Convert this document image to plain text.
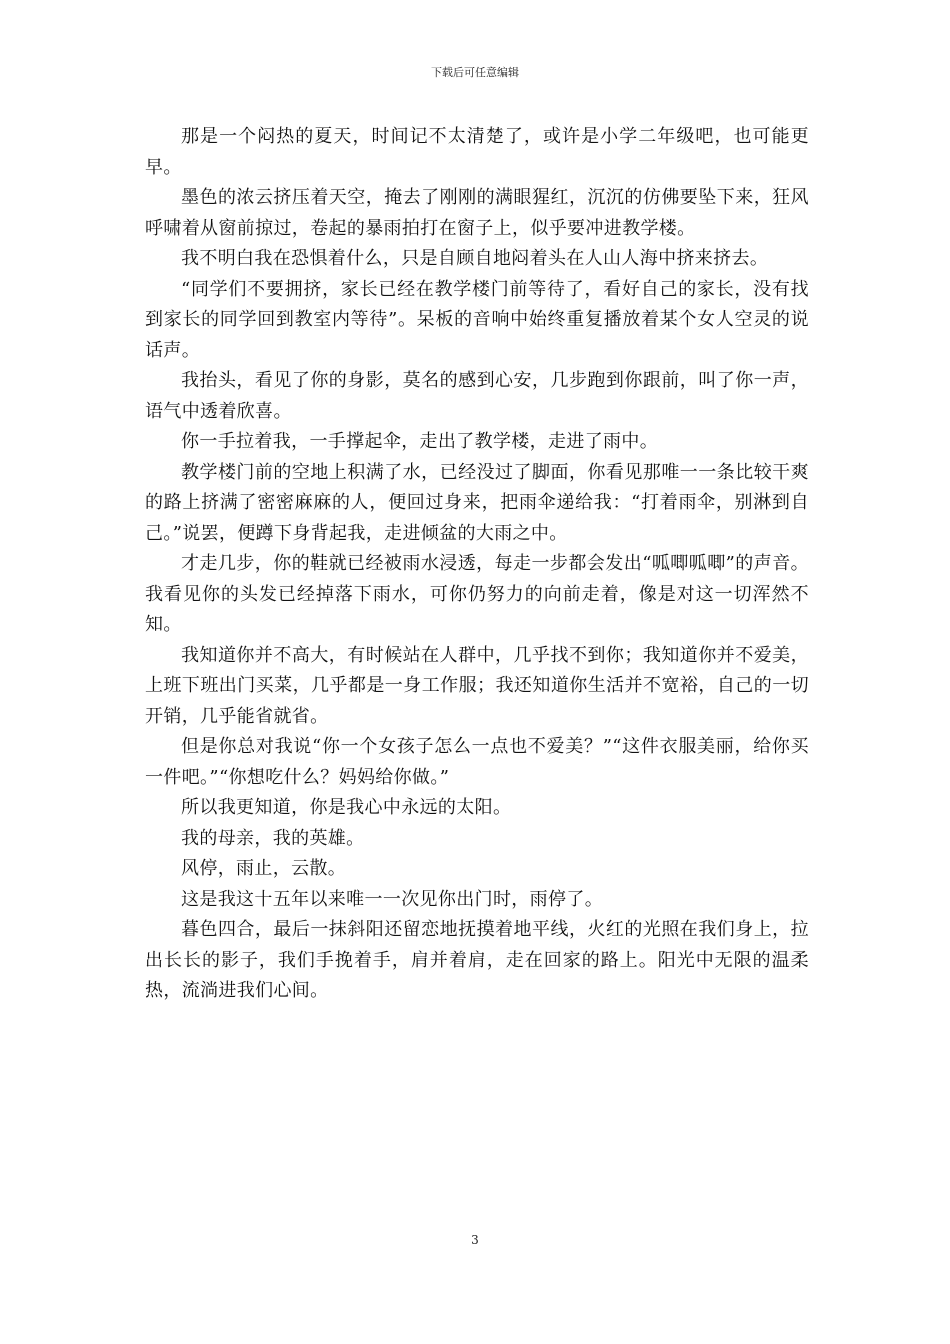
下载后可任意编辑

那是一个闷热的夏天，时间记不太清楚了，或许是小学二年级吧，也可能更早。

墨色的浓云挤压着天空，掩去了刚刚的满眼猩红，沉沉的仿佛要坠下来，狂风呼啸着从窗前掠过，卷起的暴雨拍打在窗子上，似乎要冲进教学楼。

我不明白我在恐惧着什么，只是自顾自地闷着头在人山人海中挤来挤去。

“同学们不要拥挤，家长已经在教学楼门前等待了，看好自己的家长，没有找到家长的同学回到教室内等待”。呆板的音响中始终重复播放着某个女人空灵的说话声。

我抬头，看见了你的身影，莫名的感到心安，几步跑到你跟前，叫了你一声，语气中透着欣喜。

你一手拉着我，一手撑起伞，走出了教学楼，走进了雨中。

教学楼门前的空地上积满了水，已经没过了脚面，你看见那唯一一条比较干爽的路上挤满了密密麻麻的人，便回过身来，把雨伞递给我：“打着雨伞，别淋到自己。”说罢，便蹲下身背起我，走进倾盆的大雨之中。

才走几步，你的鞋就已经被雨水浸透，每走一步都会发出“呱唧呱唧”的声音。我看见你的头发已经掉落下雨水，可你仍努力的向前走着，像是对这一切浑然不知。

我知道你并不高大，有时候站在人群中，几乎找不到你；我知道你并不爱美，上班下班出门买菜，几乎都是一身工作服；我还知道你生活并不宽裕，自己的一切开销，几乎能省就省。

但是你总对我说“你一个女孩子怎么一点也不爱美？”“这件衣服美丽，给你买一件吧。”“你想吃什么？妈妈给你做。”

所以我更知道，你是我心中永远的太阳。

我的母亲，我的英雄。

风停，雨止，云散。

这是我这十五年以来唯一一次见你出门时，雨停了。

暮色四合，最后一抹斜阳还留恋地抚摸着地平线，火红的光照在我们身上，拉出长长的影子，我们手挽着手，肩并着肩，走在回家的路上。阳光中无限的温柔热，流淌进我们心间。

3
